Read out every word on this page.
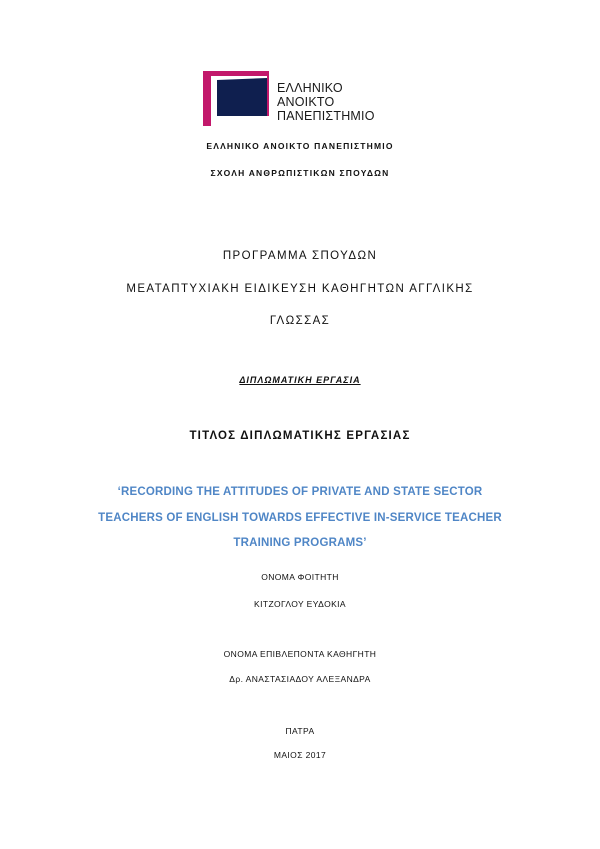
ΕΛΛΗΝΙΚΟ
ΑΝΟΙΚΤΟ
ΠΑΝΕΠΙΣΤΗΜΙΟ
ΕΛΛΗΝΙΚΟ ΑΝΟΙΚΤΟ ΠΑΝΕΠΙΣΤΗΜΙΟ
ΣΧΟΛΗ ΑΝΘΡΩΠΙΣΤΙΚΩΝ ΣΠΟΥΔΩΝ
ΠΡΟΓΡΑΜΜΑ ΣΠΟΥΔΩΝ
ΜΕΑΤΑΠΤΥΧΙΑΚΗ ΕΙΔΙΚΕΥΣΗ ΚΑΘΗΓΗΤΩΝ ΑΓΓΛΙΚΗΣ
ΓΛΩΣΣΑΣ
ΔΙΠΛΩΜΑΤΙΚΗ ΕΡΓΑΣΙΑ
ΤΙΤΛΟΣ ΔΙΠΛΩΜΑΤΙΚΗΣ ΕΡΓΑΣΙΑΣ
‘RECORDING THE ATTITUDES OF PRIVATE AND STATE SECTOR
TEACHERS OF ENGLISH TOWARDS EFFECTIVE IN-SERVICE TEACHER
TRAINING PROGRAMS’
ΟΝΟΜΑ ΦΟΙΤΗΤΗ
ΚΙΤΖΟΓΛΟΥ ΕΥΔΟΚΙΑ
ΟΝΟΜΑ ΕΠΙΒΛΕΠΟΝΤΑ ΚΑΘΗΓΗΤΗ
Δρ. ΑΝΑΣΤΑΣΙΑΔΟΥ ΑΛΕΞΑΝΔΡΑ
ΠΑΤΡΑ
ΜΑΙΟΣ 2017
